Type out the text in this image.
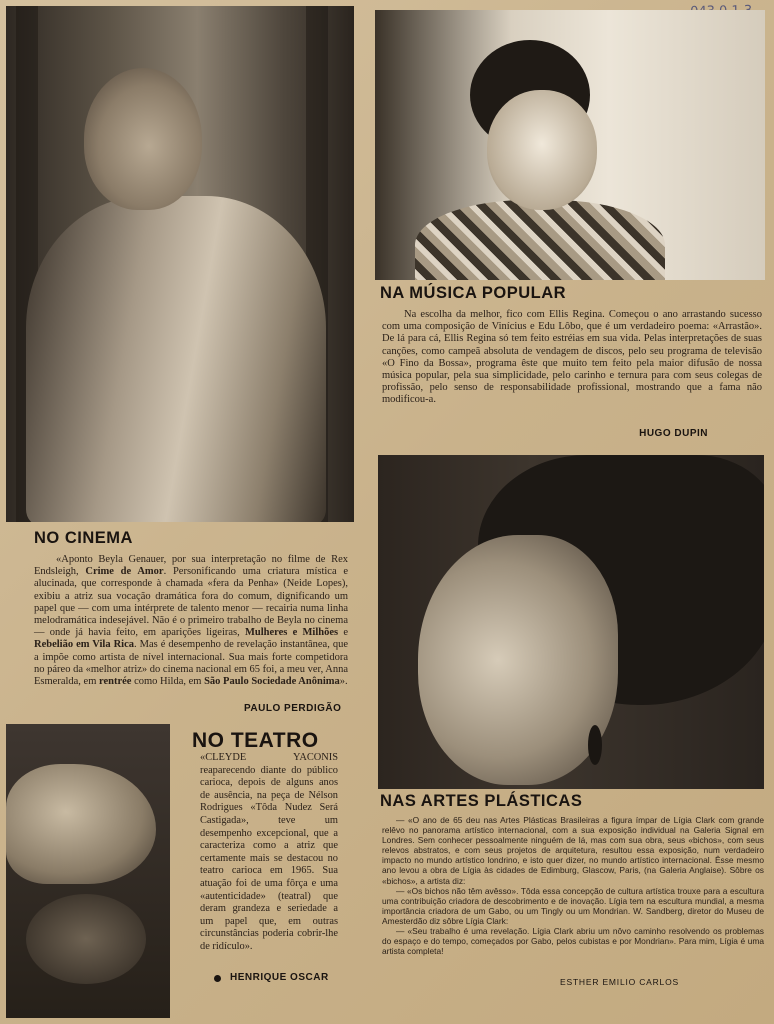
NA MÚSICA POPULAR

Na escolha da melhor, fico com Ellis Regina. Começou o ano arrastando sucesso com uma composição de Vinícius e Edu Lôbo, que é um verdadeiro poema: «Arrastão». De lá para cá, Ellis Regina só tem feito estréias em sua vida. Pelas interpretações de suas canções, como campeã absoluta de vendagem de discos, pelo seu programa de televisão «O Fino da Bossa», programa êste que muito tem feito pela maior difusão de nossa música popular, pela sua simplicidade, pelo carinho e ternura para com seus colegas de profissão, pelo senso de responsabilidade profissional, mostrando que a fama não modificou-a.

HUGO DUPIN
NO CINEMA

«Aponto Beyla Genauer, por sua interpretação no filme de Rex Endsleigh, Crime de Amor. Personificando uma criatura mística e alucinada, que corresponde à chamada «fera da Penha» (Neide Lopes), exibiu a atriz sua vocação dramática fora do comum, dignificando um papel que — com uma intérprete de talento menor — recairia numa linha melodramática indesejável. Não é o primeiro trabalho de Beyla no cinema — onde já havia feito, em aparições ligeiras, Mulheres e Milhões e Rebelião em Vila Rica. Mas é desempenho de revelação instantânea, que a impõe como artista de nível internacional. Sua mais forte competidora no páreo da «melhor atriz» do cinema nacional em 65 foi, a meu ver, Anna Esmeralda, em rentrée como Hilda, em São Paulo Sociedade Anônima».

PAULO PERDIGÃO
NO TEATRO

«CLEYDE YACONIS reaparecendo diante do público carioca, depois de alguns anos de ausência, na peça de Nélson Rodrigues «Tôda Nudez Será Castigada», teve um desempenho excepcional, que a caracteriza como a atriz que certamente mais se destacou no teatro carioca em 1965. Sua atuação foi de uma fôrça e uma «autenticidade» (teatral) que deram grandeza e seriedade a um papel que, em outras circunstâncias poderia cobrir-lhe de ridículo».

HENRIQUE OSCAR
NAS ARTES PLÁSTICAS

— «O ano de 65 deu nas Artes Plásticas Brasileiras a figura ímpar de Lígia Clark com grande relêvo no panorama artístico internacional, com a sua exposição individual na Galeria Signal em Londres. Sem conhecer pessoalmente ninguém de lá, mas com sua obra, seus «bichos», com seus relevos abstratos, e com seus projetos de arquitetura, resultou essa exposição, num verdadeiro impacto no mundo artístico londrino, e isto quer dizer, no mundo artístico internacional. Êsse mesmo ano levou a obra de Lígia às cidades de Edimburg, Glascow, Paris, (na Galeria Anglaise). Sôbre os «bichos», a artista diz:

— «Os bichos não têm avêsso». Tôda essa concepção de cultura artística trouxe para a escultura uma contribuição criadora de descobrimento e de inovação. Lígia tem na escultura mundial, a mesma importância criadora de um Gabo, ou um Tingly ou um Mondrian. W. Sandberg, diretor do Museu de Amesterdão diz sôbre Lígia Clark:

— «Seu trabalho é uma revelação. Lígia Clark abriu um nôvo caminho resolvendo os problemas do espaço e do tempo, começados por Gabo, pelos cubistas e por Mondrian». Para mim, Lígia é uma artista completa!

ESTHER EMILIO CARLOS
